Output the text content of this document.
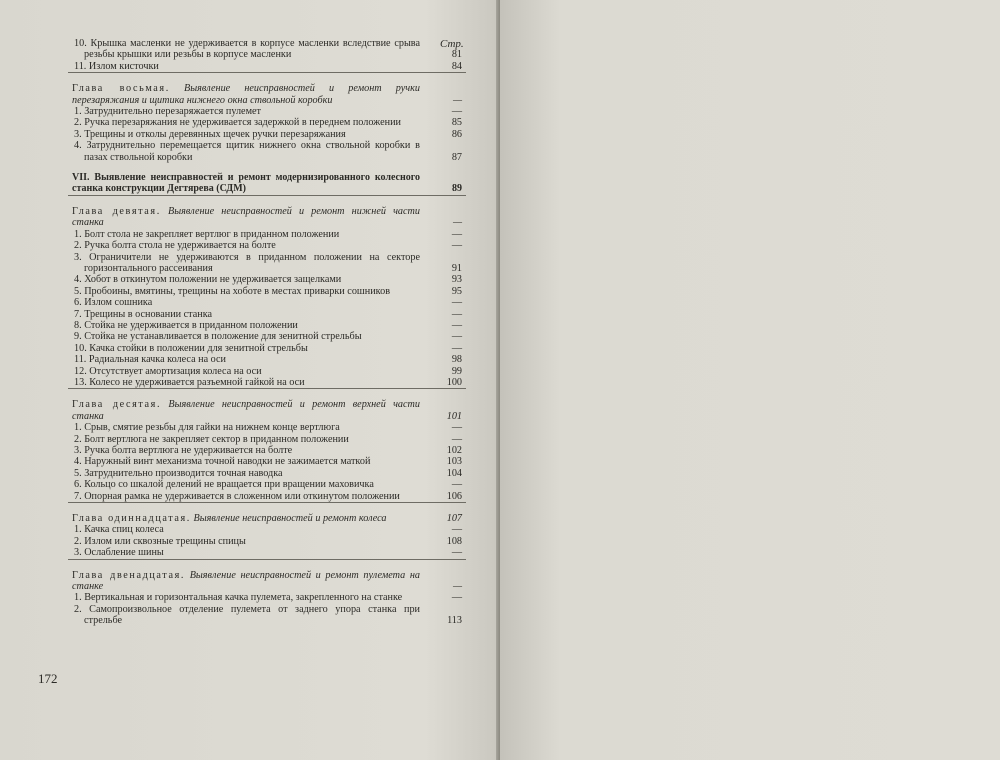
Стр.
10. Крышка масленки не удерживается в корпусе масленки вследствие срыва резьбы крышки или резьбы в корпусе масленки	81
11. Излом кисточки	84
Глава восьмая. Выявление неисправностей и ремонт ручки перезаряжания и щитика нижнего окна ствольной коробки	—
1. Затруднительно перезаряжается пулемет	—
2. Ручка перезаряжания не удерживается задержкой в переднем положении	85
3. Трещины и отколы деревянных щечек ручки перезаряжания	86
4. Затруднительно перемещается щитик нижнего окна ствольной коробки в пазах ствольной коробки	87
VII. Выявление неисправностей и ремонт модернизированного колесного станка конструкции Дегтярева (СДМ)	89
Глава девятая. Выявление неисправностей и ремонт нижней части станка	—
1. Болт стола не закрепляет вертлюг в приданном положении	—
2. Ручка болта стола не удерживается на болте	—
3. Ограничители не удерживаются в приданном положении на секторе горизонтального рассеивания	91
4. Хобот в откинутом положении не удерживается защелками	93
5. Пробоины, вмятины, трещины на хоботе в местах приварки сошников	95
6. Излом сошника	—
7. Трещины в основании станка	—
8. Стойка не удерживается в приданном положении	—
9. Стойка не устанавливается в положение для зенитной стрельбы	—
10. Качка стойки в положении для зенитной стрельбы	—
11. Радиальная качка колеса на оси	98
12. Отсутствует амортизация колеса на оси	99
13. Колесо не удерживается разъемной гайкой на оси	100
Глава десятая. Выявление неисправностей и ремонт верхней части станка	101
1. Срыв, смятие резьбы для гайки на нижнем конце вертлюга	—
2. Болт вертлюга не закрепляет сектор в приданном положении	—
3. Ручка болта вертлюга не удерживается на болте	102
4. Наружный винт механизма точной наводки не зажимается маткой	103
5. Затруднительно производится точная наводка	104
6. Кольцо со шкалой делений не вращается при вращении маховичка	—
7. Опорная рамка не удерживается в сложенном или откинутом положении	106
Глава одиннадцатая. Выявление неисправностей и ремонт колеса	107
1. Качка спиц колеса	—
2. Излом или сквозные трещины спицы	108
3. Ослабление шины	—
Глава двенадцатая. Выявление неисправностей и ремонт пулемета на станке	—
1. Вертикальная и горизонтальная качка пулемета, закрепленного на станке	—
2. Самопроизвольное отделение пулемета от заднего упора станка при стрельбе	113
172
